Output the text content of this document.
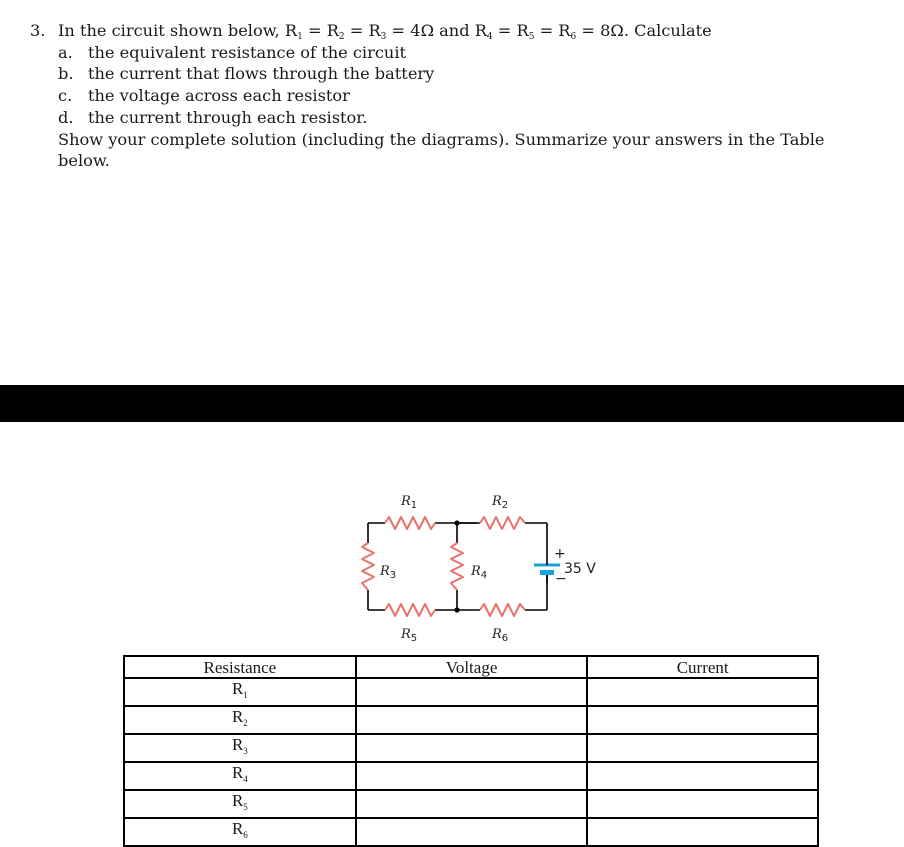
3. In the circuit shown below, $R_1 = R_2 = R_3 = 4\Omega$ and $R_4 = R_5 = R_6 = 8\Omega$. Calculate
a. the equivalent resistance of the circuit
b. the current that flows through the battery
c. the voltage across each resistor
d. the current through each resistor.
Show your complete solution (including the diagrams). Summarize your answers in the Table below.
+
−
35 V
$R_1$	$R_2$
$R_3$	$R_4$
$R_5$	$R_6$
Resistance	Voltage	Current
$R_1$		
$R_2$		
$R_3$		
$R_4$		
$R_5$		
$R_6$		
